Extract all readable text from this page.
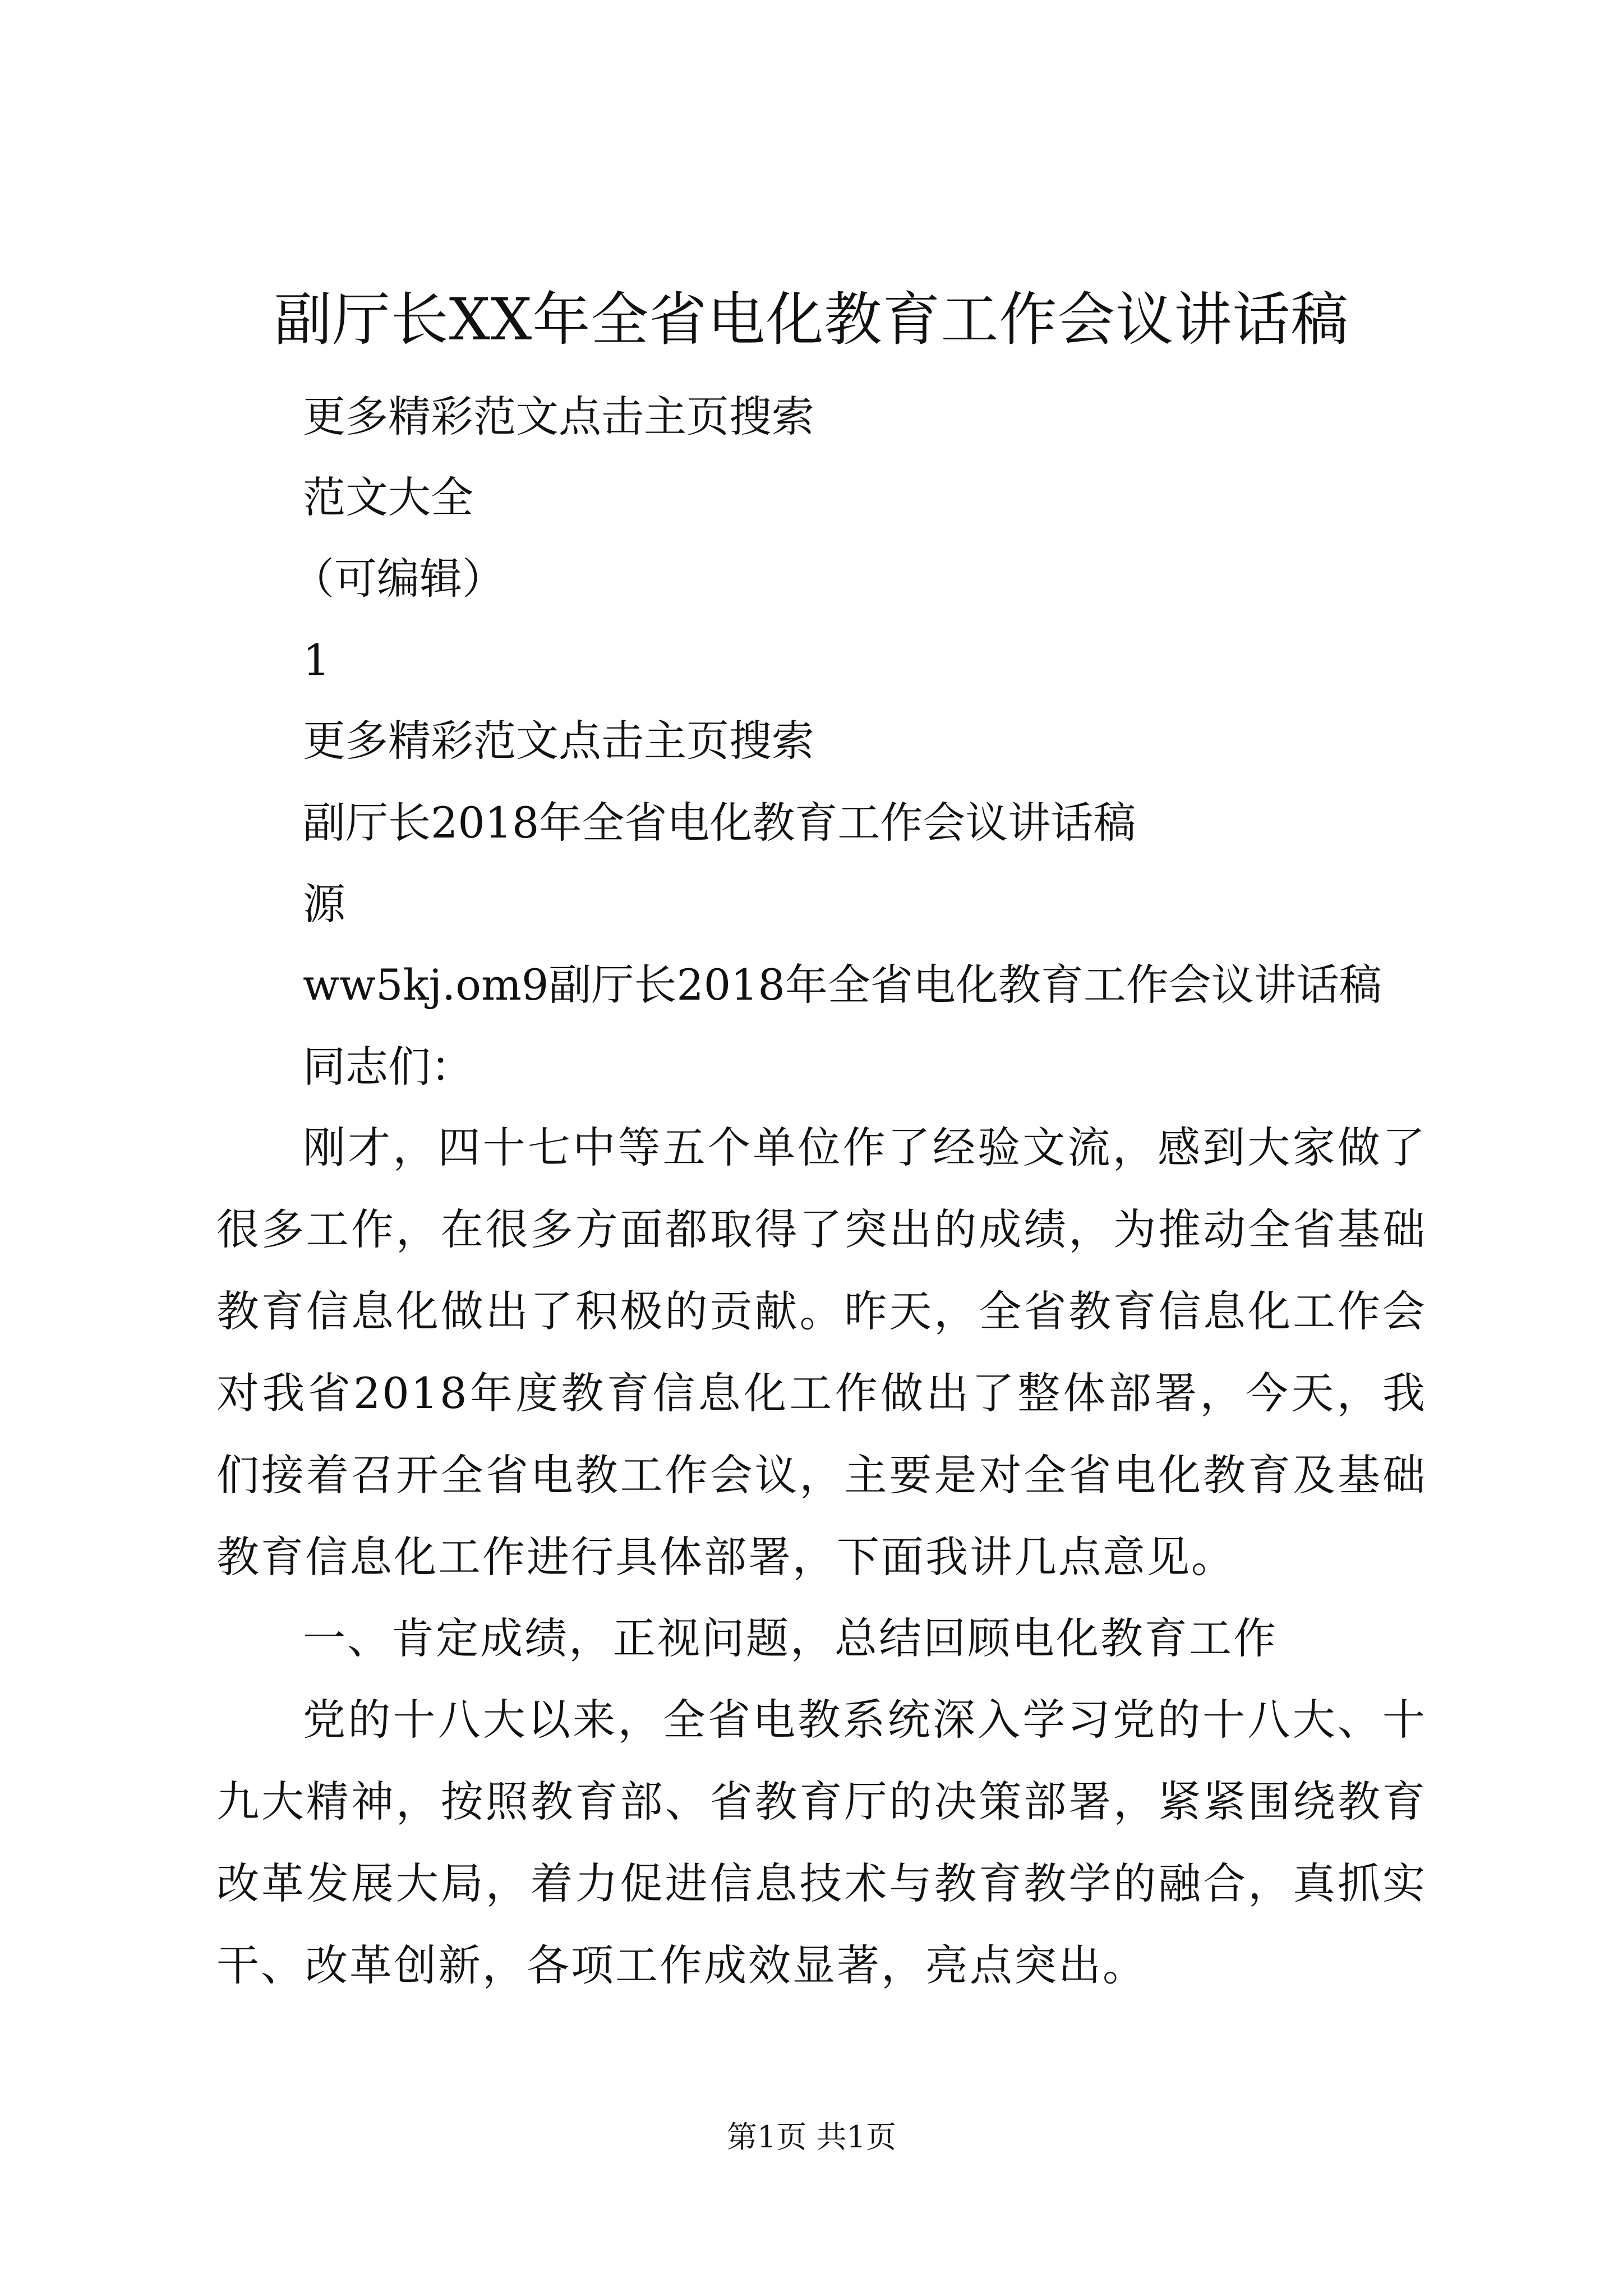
副厅长XX年全省电化教育工作会议讲话稿

更多精彩范文点击主页搜索

范文大全

（可编辑）

1

更多精彩范文点击主页搜索

副厅长2018年全省电化教育工作会议讲话稿

源

ww5kj.om9副厅长2018年全省电化教育工作会议讲话稿

同志们：

刚才，四十七中等五个单位作了经验文流，感到大家做了很多工作，在很多方面都取得了突出的成绩，为推动全省基础教育信息化做出了积极的贡献。昨天，全省教育信息化工作会对我省2018年度教育信息化工作做出了整体部署，今天，我们接着召开全省电教工作会议，主要是对全省电化教育及基础教育信息化工作进行具体部署，下面我讲几点意见。

一、肯定成绩，正视问题，总结回顾电化教育工作

党的十八大以来，全省电教系统深入学习党的十八大、十九大精神，按照教育部、省教育厅的决策部署，紧紧围绕教育改革发展大局，着力促进信息技术与教育教学的融合，真抓实干、改革创新，各项工作成效显著，亮点突出。

第1页 共1页
